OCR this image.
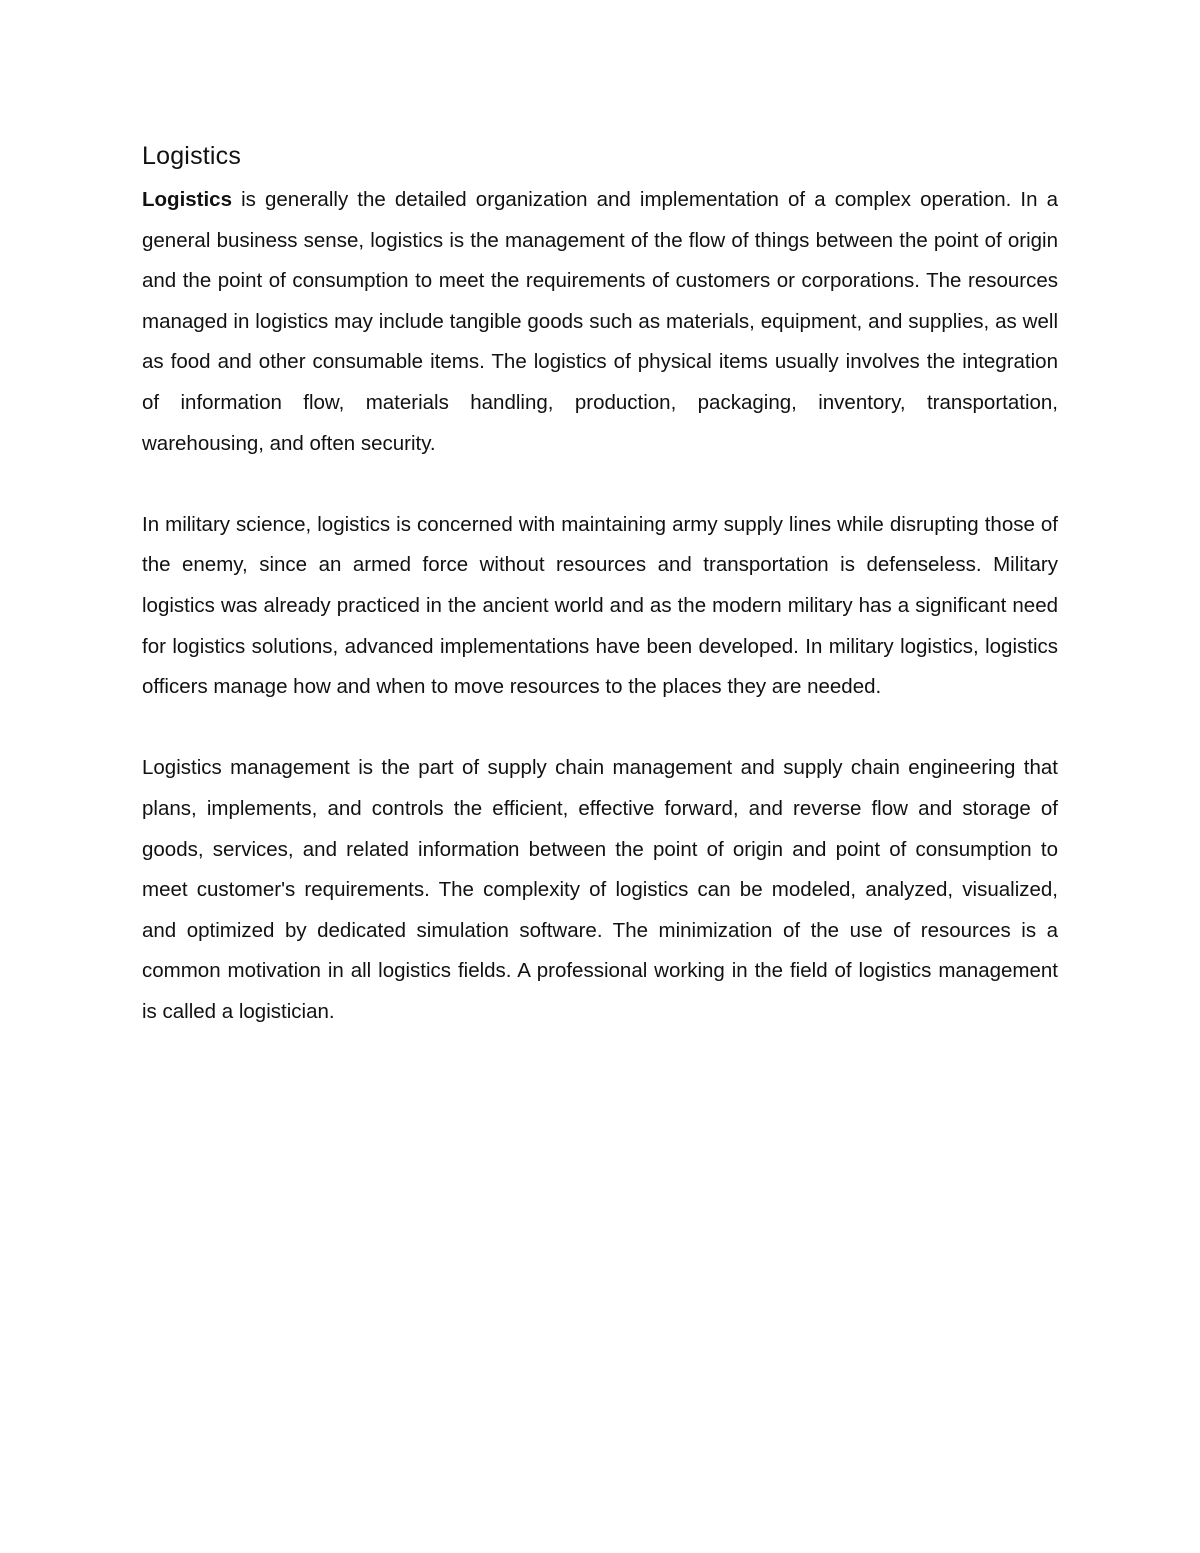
Logistics

Logistics is generally the detailed organization and implementation of a complex operation. In a general business sense, logistics is the management of the flow of things between the point of origin and the point of consumption to meet the requirements of customers or corporations. The resources managed in logistics may include tangible goods such as materials, equipment, and supplies, as well as food and other consumable items. The logistics of physical items usually involves the integration of information flow, materials handling, production, packaging, inventory, transportation, warehousing, and often security.

In military science, logistics is concerned with maintaining army supply lines while disrupting those of the enemy, since an armed force without resources and transportation is defenseless. Military logistics was already practiced in the ancient world and as the modern military has a significant need for logistics solutions, advanced implementations have been developed. In military logistics, logistics officers manage how and when to move resources to the places they are needed.

Logistics management is the part of supply chain management and supply chain engineering that plans, implements, and controls the efficient, effective forward, and reverse flow and storage of goods, services, and related information between the point of origin and point of consumption to meet customer's requirements. The complexity of logistics can be modeled, analyzed, visualized, and optimized by dedicated simulation software. The minimization of the use of resources is a common motivation in all logistics fields. A professional working in the field of logistics management is called a logistician.
